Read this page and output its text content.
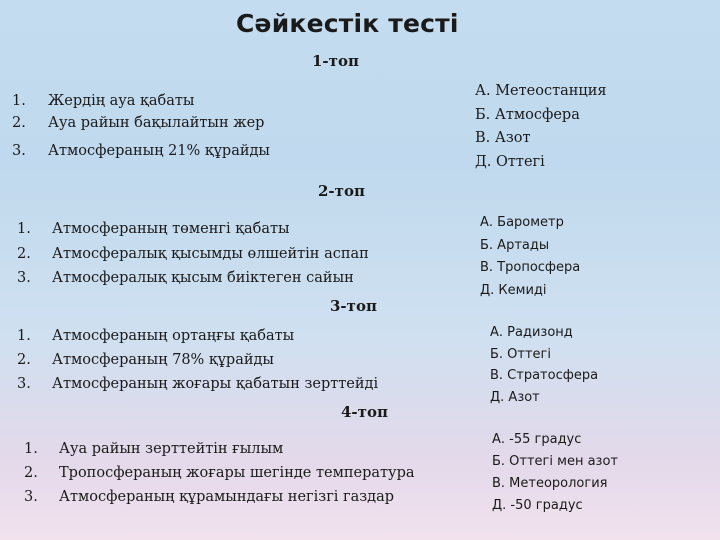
Сәйкестік тесті
1-топ
1. Жердің ауа қабаты
2. Ауа райын бақылайтын жер
3. Атмосфераның 21% құрайды
А. Метеостанция
Б. Атмосфера
В. Азот
Д. Оттегі
2-топ
1. Атмосфераның төменгі қабаты
2. Атмосфералық қысымды өлшейтін аспап
3. Атмосфералық қысым биіктеген сайын
А. Барометр
Б. Артады
В. Тропосфера
Д. Кемиді
3-топ
1. Атмосфераның ортаңғы қабаты
2. Атмосфераның 78% құрайды
3. Атмосфераның жоғары қабатын зерттейді
А. Радизонд
Б. Оттегі
В. Стратосфера
Д. Азот
4-топ
1. Ауа райын зерттейтін ғылым
2. Тропосфераның жоғары шегінде температура
3. Атмосфераның құрамындағы негізгі газдар
А. -55 градус
Б. Оттегі мен азот
В. Метеорология
Д. -50 градус
